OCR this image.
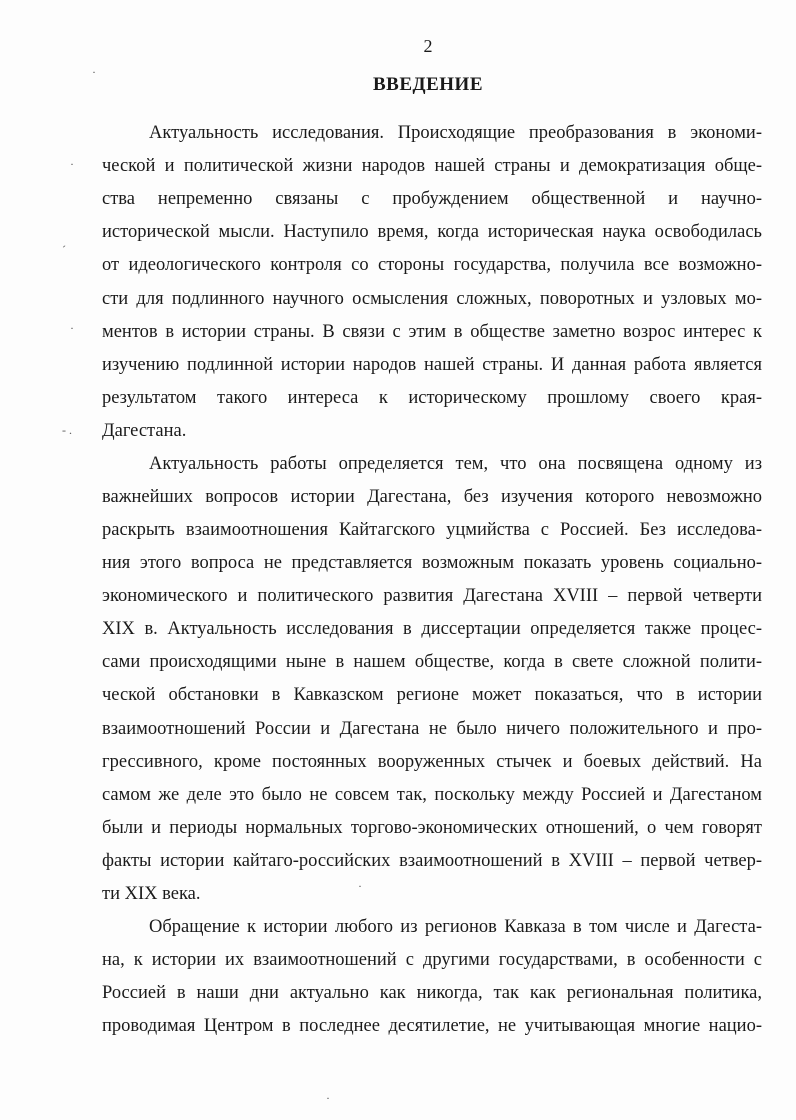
2
ВВЕДЕНИЕ
Актуальность исследования. Происходящие преобразования в экономи-
ческой и политической жизни народов нашей страны и демократизация обще-
ства непременно связаны с пробуждением общественной и научно-
исторической мысли. Наступило время, когда историческая наука освободилась
от идеологического контроля со стороны государства, получила все возможно-
сти для подлинного научного осмысления сложных, поворотных и узловых мо-
ментов в истории страны. В связи с этим в обществе заметно возрос интерес к
изучению подлинной истории народов нашей страны. И данная работа является
результатом такого интереса к историческому прошлому своего края-
Дагестана.
Актуальность работы определяется тем, что она посвящена одному из
важнейших вопросов истории Дагестана, без изучения которого невозможно
раскрыть взаимоотношения Кайтагского уцмийства с Россией. Без исследова-
ния этого вопроса не представляется возможным показать уровень социально-
экономического и политического развития Дагестана XVIII – первой четверти
XIX в. Актуальность исследования в диссертации определяется также процес-
сами происходящими ныне в нашем обществе, когда в свете сложной полити-
ческой обстановки в Кавказском регионе может показаться, что в истории
взаимоотношений России и Дагестана не было ничего положительного и про-
грессивного, кроме постоянных вооруженных стычек и боевых действий. На
самом же деле это было не совсем так, поскольку между Россией и Дагестаном
были и периоды нормальных торгово-экономических отношений, о чем говорят
факты истории кайтаго-российских взаимоотношений в XVIII – первой четвер-
ти XIX века.
Обращение к истории любого из регионов Кавказа в том числе и Дагеста-
на, к истории их взаимоотношений с другими государствами, в особенности с
Россией в наши дни актуально как никогда, так как региональная политика,
проводимая Центром в последнее десятилетие, не учитывающая многие нацио-
·
·
ˊ
·
- .
·
·
